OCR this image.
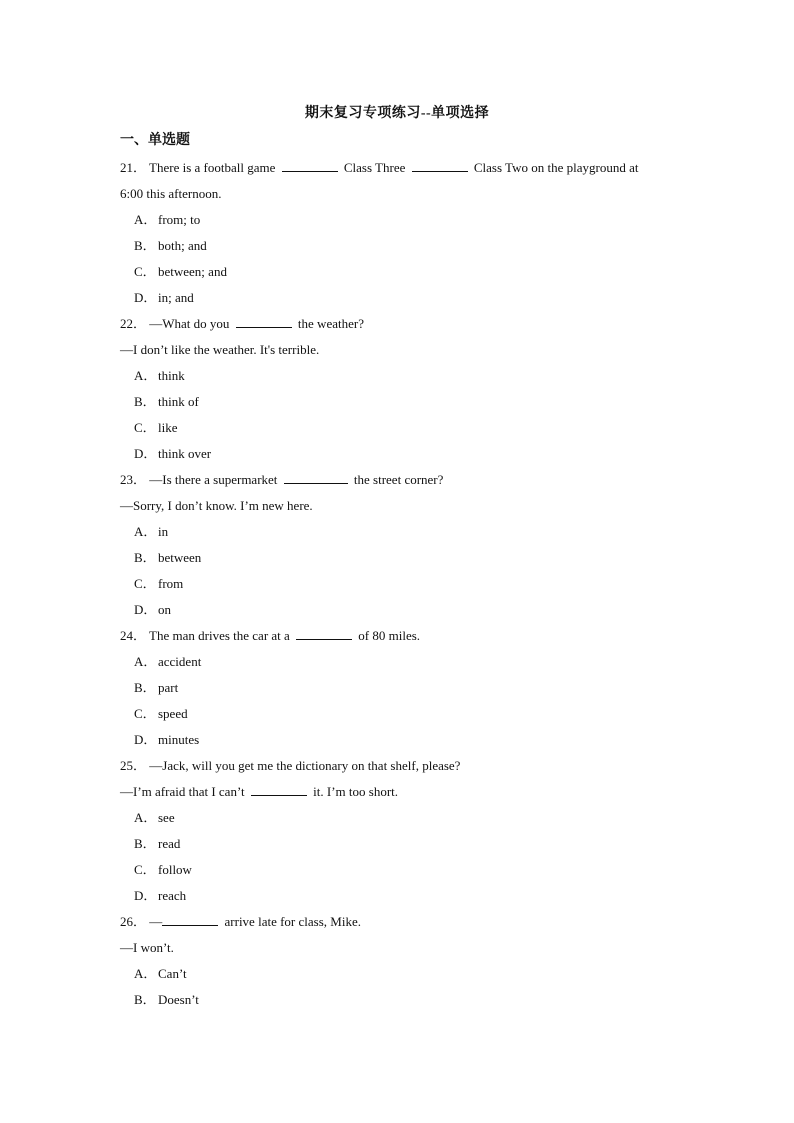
期末复习专项练习--单项选择
一、单选题
21． There is a football game	Class Three	Class Two on the playground at
6:00 this afternoon.
A． from; to
B． both; and
C． between; and
D． in; and
22． —What do you	the weather?
—I don’t like the weather. It's terrible.
A． think
B． think of
C． like
D． think over
23． —Is there a supermarket	the street corner?
—Sorry, I don’t know. I’m new here.
A． in
B． between
C． from
D． on
24． The man drives the car at a	of 80 miles.
A． accident
B． part
C． speed
D． minutes
25． —Jack, will you get me the dictionary on that shelf, please?
—I’m afraid that I can’t	it. I’m too short.
A． see
B． read
C． follow
D． reach
26． —	arrive late for class, Mike.
—I won’t.
A． Can’t
B． Doesn’t
